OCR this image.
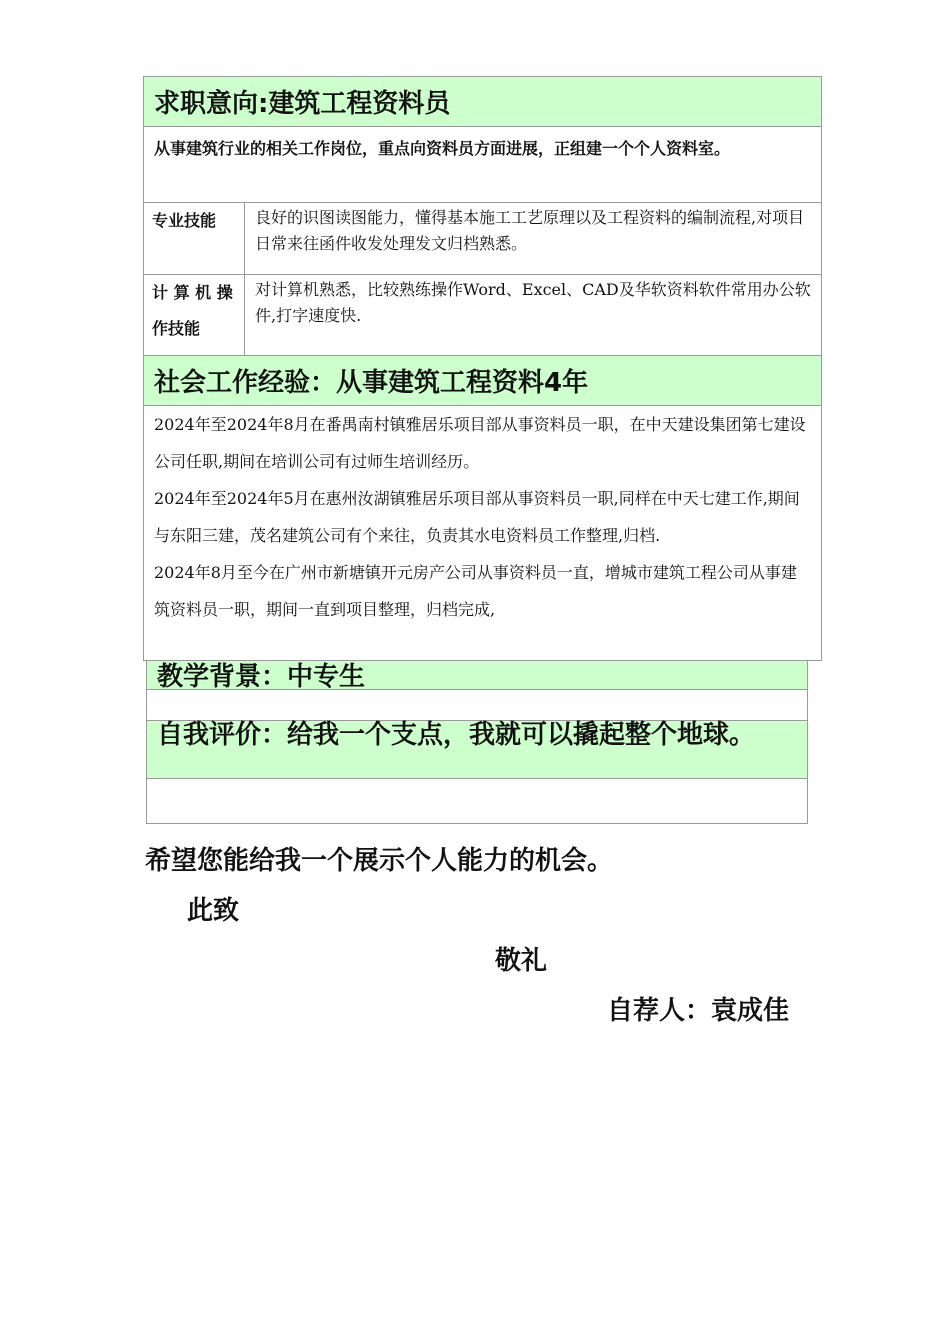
求职意向:建筑工程资料员
从事建筑行业的相关工作岗位，重点向资料员方面进展，正组建一个个人资料室。
专业技能	良好的识图读图能力，懂得基本施工工艺原理以及工程资料的编制流程,对项目日常来往函件收发处理发文归档熟悉。
计 算 机 操作技能
对计算机熟悉，比较熟练操作Word、Excel、CAD及华软资料软件常用办公软件,打字速度快.
社会工作经验：从事建筑工程资料4年
2024年至2024年8月在番禺南村镇雅居乐项目部从事资料员一职，在中天建设集团第七建设公司任职,期间在培训公司有过师生培训经历。
2024年至2024年5月在惠州汝湖镇雅居乐项目部从事资料员一职,同样在中天七建工作,期间与东阳三建，茂名建筑公司有个来往，负责其水电资料员工作整理,归档.
2024年8月至今在广州市新塘镇开元房产公司从事资料员一直，增城市建筑工程公司从事建筑资料员一职，期间一直到项目整理，归档完成,
教学背景：中专生
自我评价：给我一个支点，我就可以撬起整个地球。
希望您能给我一个展示个人能力的机会。
此致
敬礼
自荐人：袁成佳
